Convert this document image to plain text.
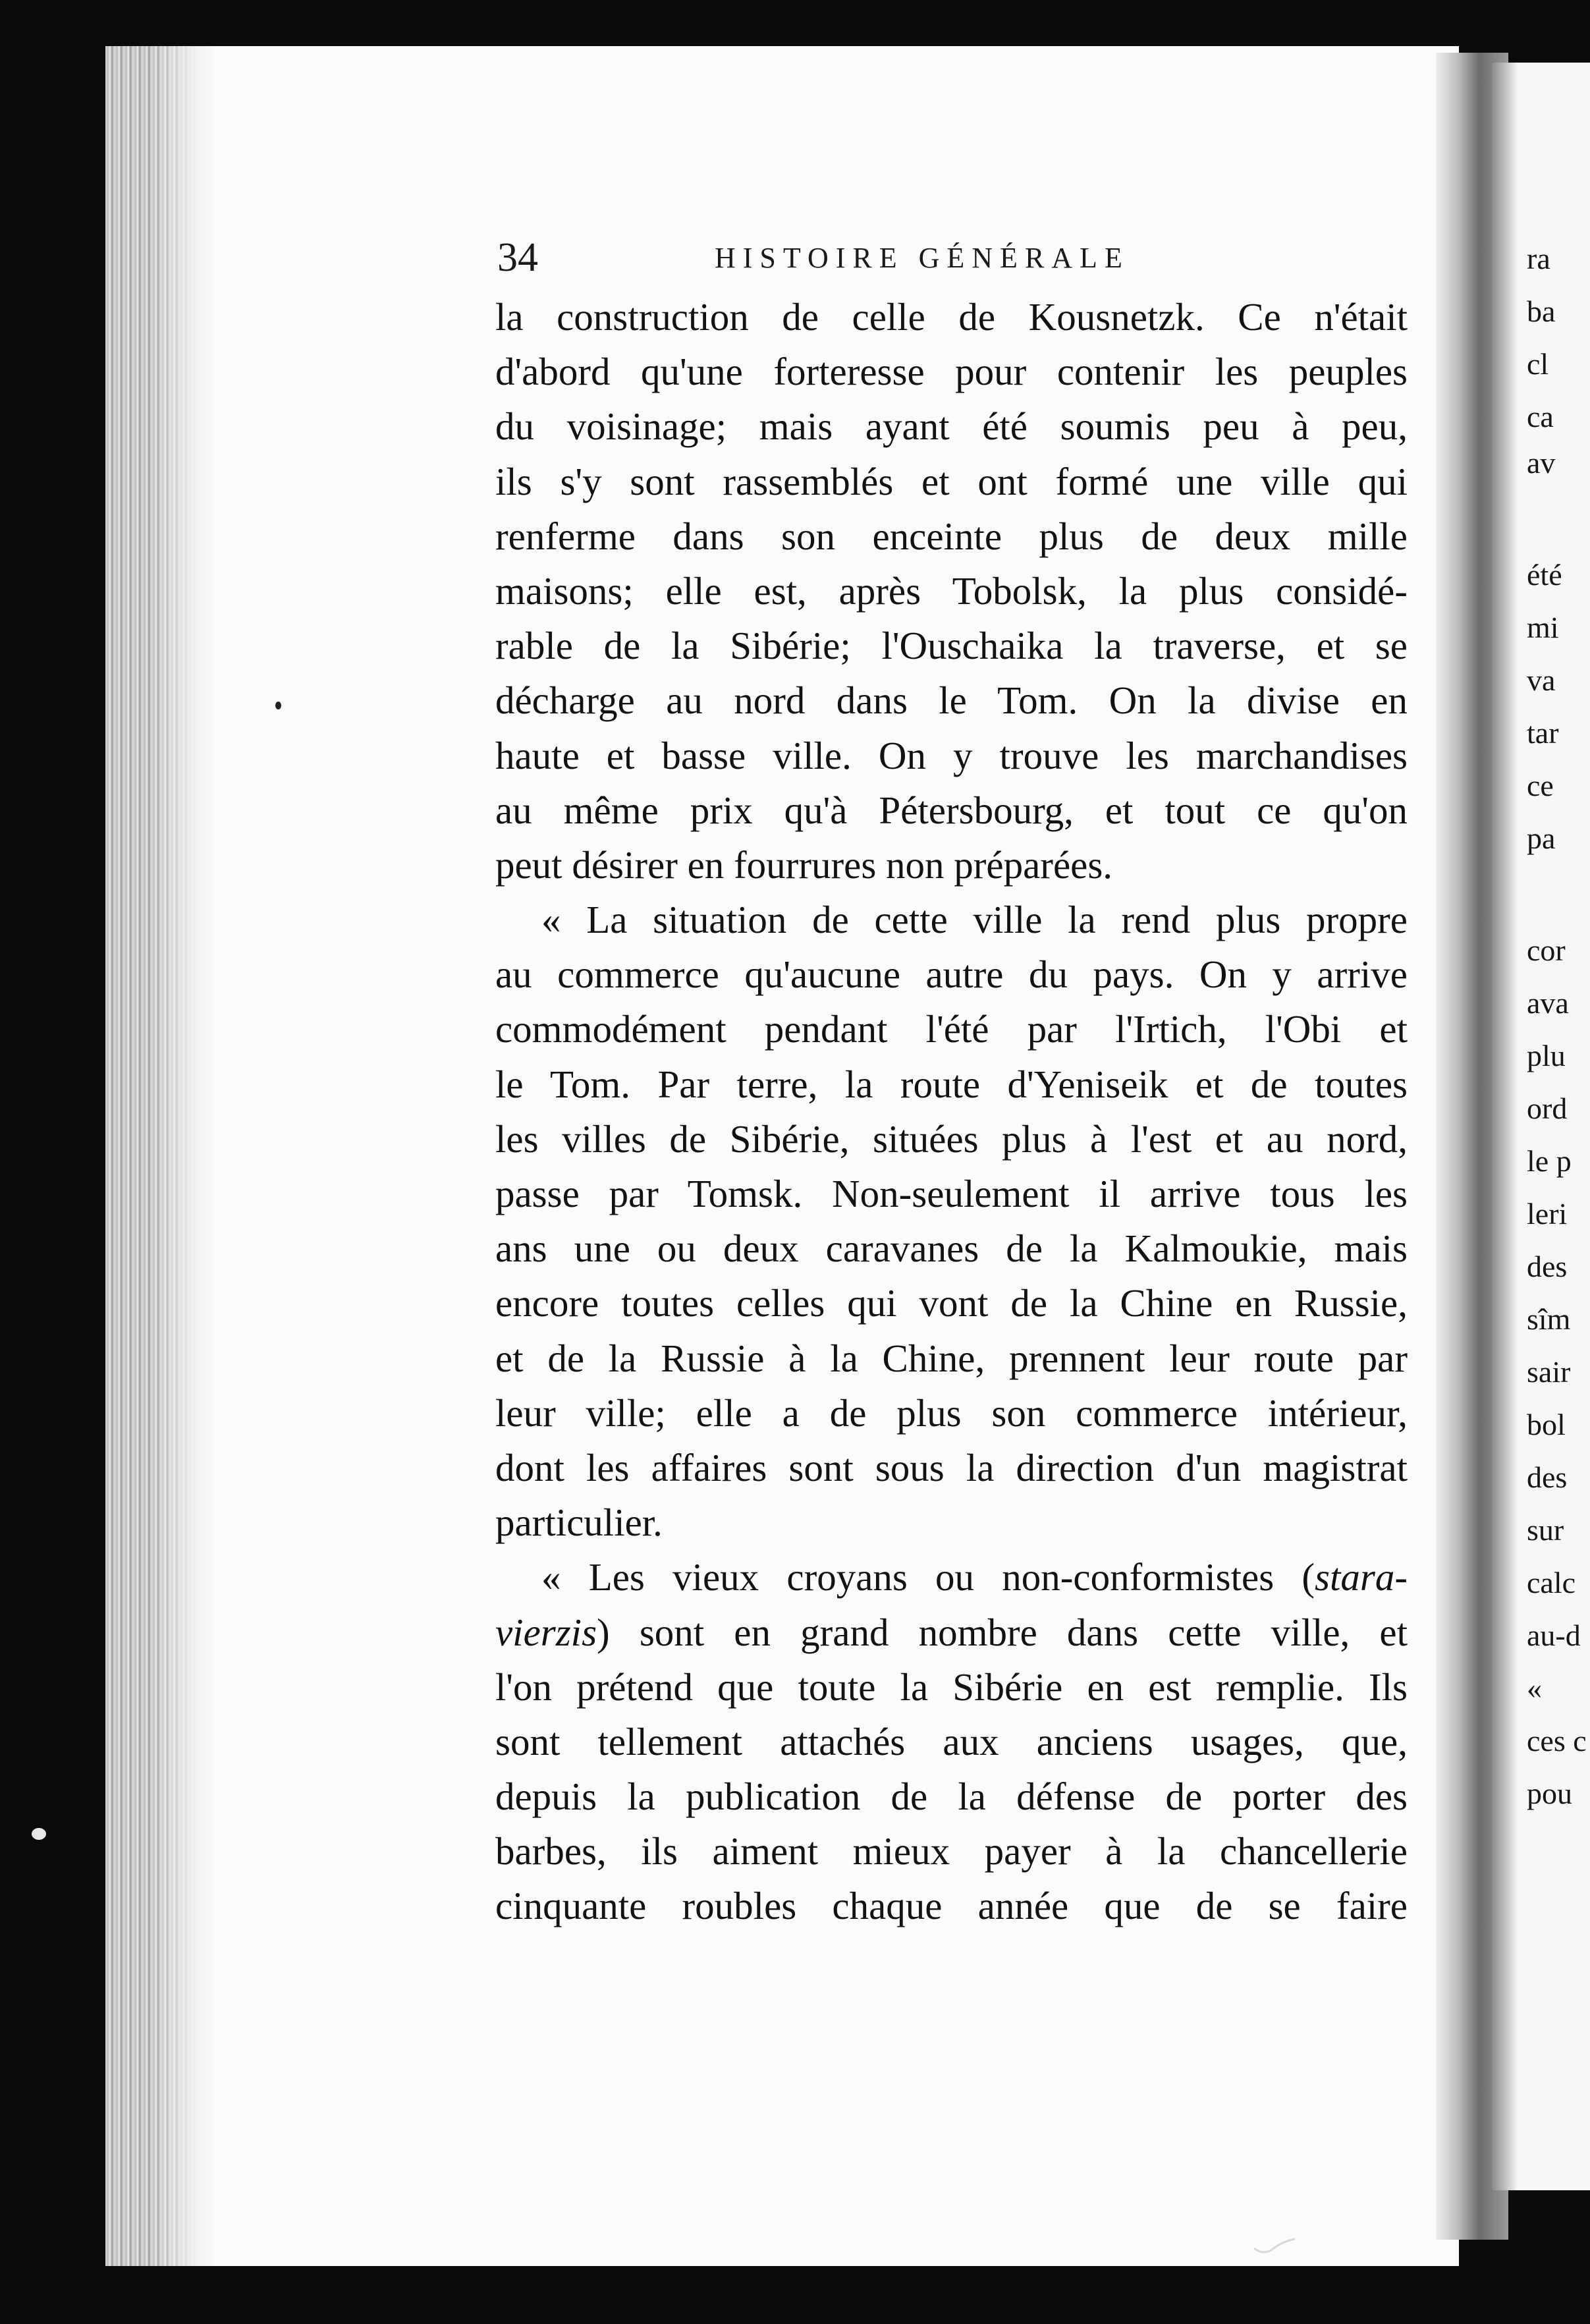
ra
ba
cl
ca
av
été
mi
va
tar
ce
pa
cor
ava
plu
ord
le p
leri
des
sîm
sair
bol
des
sur
calc
au-d
«
ces c
pou
34	HISTOIRE GÉNÉRALE
la construction de celle de Kousnetzk. Ce n'était
d'abord qu'une forteresse pour contenir les peuples
du voisinage; mais ayant été soumis peu à peu,
ils s'y sont rassemblés et ont formé une ville qui
renferme dans son enceinte plus de deux mille
maisons; elle est, après Tobolsk, la plus considé-
rable de la Sibérie; l'Ouschaika la traverse, et se
décharge au nord dans le Tom. On la divise en
haute et basse ville. On y trouve les marchandises
au même prix qu'à Pétersbourg, et tout ce qu'on
peut désirer en fourrures non préparées.
« La situation de cette ville la rend plus propre
au commerce qu'aucune autre du pays. On y arrive
commodément pendant l'été par l'Irtich, l'Obi et
le Tom. Par terre, la route d'Yeniseik et de toutes
les villes de Sibérie, situées plus à l'est et au nord,
passe par Tomsk. Non-seulement il arrive tous les
ans une ou deux caravanes de la Kalmoukie, mais
encore toutes celles qui vont de la Chine en Russie,
et de la Russie à la Chine, prennent leur route par
leur ville; elle a de plus son commerce intérieur,
dont les affaires sont sous la direction d'un magistrat
particulier.
« Les vieux croyans ou non-conformistes (stara-
vierzis) sont en grand nombre dans cette ville, et
l'on prétend que toute la Sibérie en est remplie. Ils
sont tellement attachés aux anciens usages, que,
depuis la publication de la défense de porter des
barbes, ils aiment mieux payer à la chancellerie
cinquante roubles chaque année que de se faire
